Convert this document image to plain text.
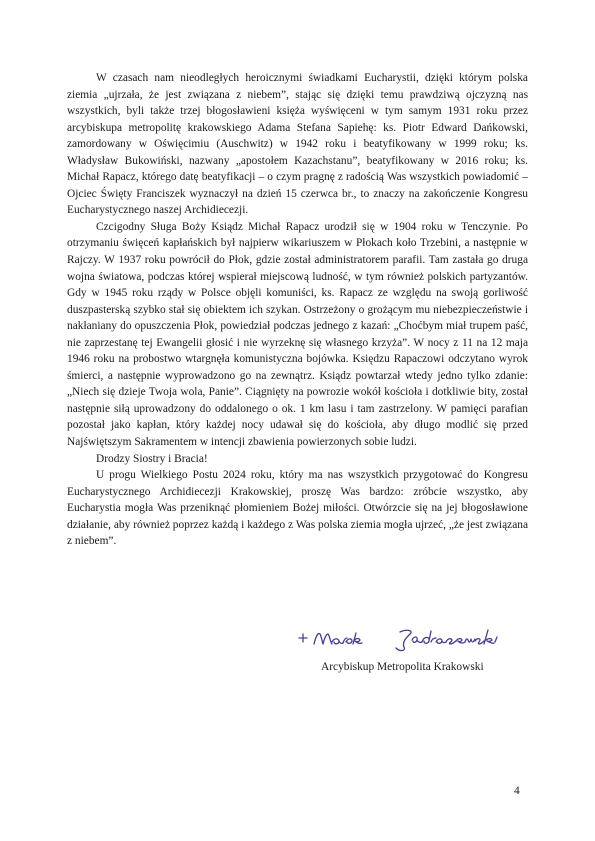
W czasach nam nieodległych heroicznymi świadkami Eucharystii, dzięki którym polska ziemia „ujrzała, że jest związana z niebem”, stając się dzięki temu prawdziwą ojczyzną nas wszystkich, byli także trzej błogosławieni księża wyświęceni w tym samym 1931 roku przez arcybiskupa metropolitę krakowskiego Adama Stefana Sapiehę: ks. Piotr Edward Dańkowski, zamordowany w Oświęcimiu (Auschwitz) w 1942 roku i beatyfikowany w 1999 roku; ks. Władysław Bukowiński, nazwany „apostołem Kazachstanu”, beatyfikowany w 2016 roku; ks. Michał Rapacz, którego datę beatyfikacji – o czym pragnę z radością Was wszystkich powiadomić – Ojciec Święty Franciszek wyznaczył na dzień 15 czerwca br., to znaczy na zakończenie Kongresu Eucharystycznego naszej Archidiecezji.

Czcigodny Sługa Boży Ksiądz Michał Rapacz urodził się w 1904 roku w Tenczynie. Po otrzymaniu święceń kapłańskich był najpierw wikariuszem w Płokach koło Trzebini, a następnie w Rajczy. W 1937 roku powrócił do Płok, gdzie został administratorem parafii. Tam zastała go druga wojna światowa, podczas której wspierał miejscową ludność, w tym również polskich partyzantów. Gdy w 1945 roku rządy w Polsce objęli komuniści, ks. Rapacz ze względu na swoją gorliwość duszpasterską szybko stał się obiektem ich szykan. Ostrzeżony o grożącym mu niebezpieczeństwie i nakłaniany do opuszczenia Płok, powiedział podczas jednego z kazań: „Choćbym miał trupem paść, nie zaprzestanę tej Ewangelii głosić i nie wyrzeknę się własnego krzyża”. W nocy z 11 na 12 maja 1946 roku na probostwo wtargnęła komunistyczna bojówka. Księdzu Rapaczowi odczytano wyrok śmierci, a następnie wyprowadzono go na zewnątrz. Ksiądz powtarzał wtedy jedno tylko zdanie: „Niech się dzieje Twoja wola, Panie”. Ciągnięty na powrozie wokół kościoła i dotkliwie bity, został następnie siłą uprowadzony do oddalonego o ok. 1 km lasu i tam zastrzelony. W pamięci parafian pozostał jako kapłan, który każdej nocy udawał się do kościoła, aby długo modlić się przed Najświętszym Sakramentem w intencji zbawienia powierzonych sobie ludzi.

Drodzy Siostry i Bracia!

U progu Wielkiego Postu 2024 roku, który ma nas wszystkich przygotować do Kongresu Eucharystycznego Archidiecezji Krakowskiej, proszę Was bardzo: zróbcie wszystko, aby Eucharystia mogła Was przeniknąć płomieniem Bożej miłości. Otwórzcie się na jej błogosławione działanie, aby również poprzez każdą i każdego z Was polska ziemia mogła ujrzeć, „że jest związana z niebem”.

Arcybiskup Metropolita Krakowski
4
